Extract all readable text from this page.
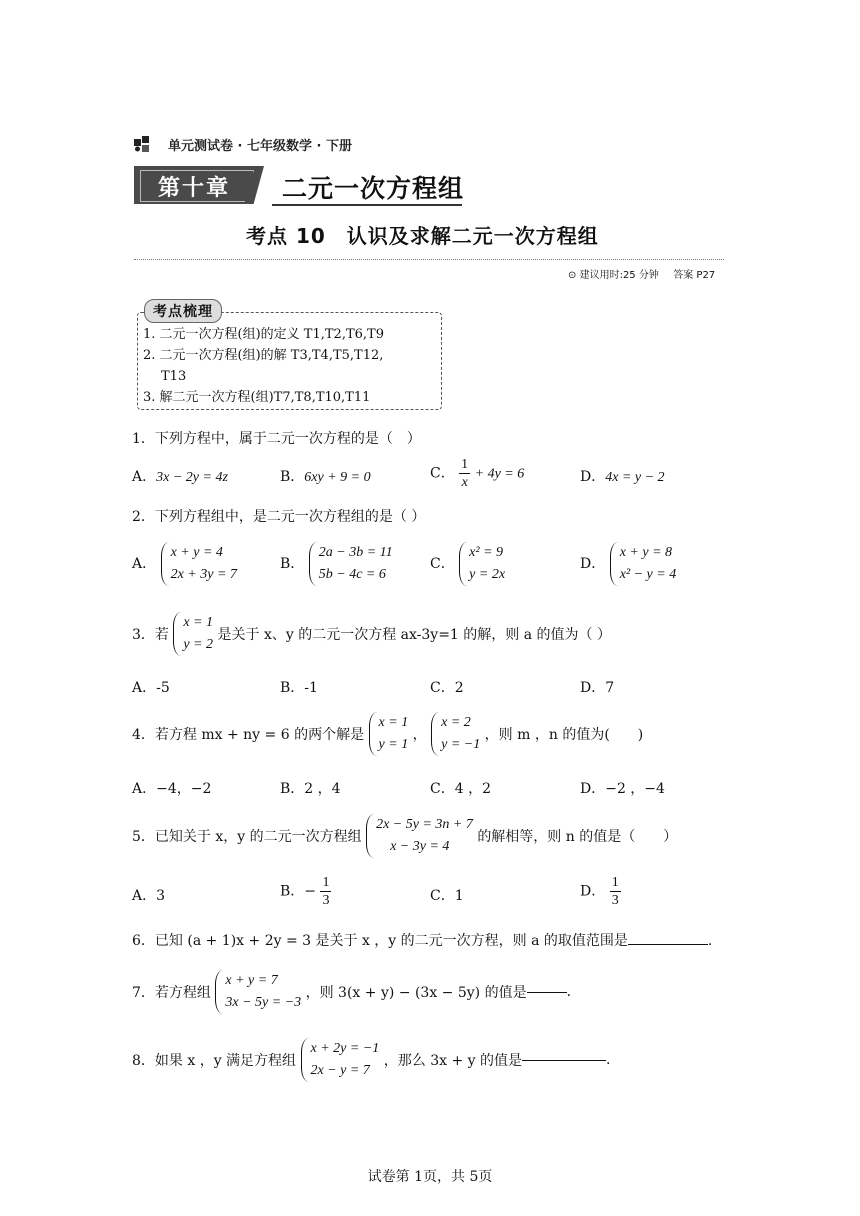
单元测试卷 · 七年级数学 · 下册
第十章 二元一次方程组
考点 10　认识及求解二元一次方程组
⊙ 建议用时:25 分钟 答案 P27
考点梳理
1. 二元一次方程(组)的定义 T1,T2,T6,T9
2. 二元一次方程(组)的解 T3,T4,T5,T12,
T13
3. 解二元一次方程(组)T7,T8,T10,T11
1．下列方程中，属于二元一次方程的是（　）
A．3x − 2y = 4z	B．6xy + 9 = 0	C． $\frac{1}{x} + 4y = 6$	D．4x = y − 2
2．下列方程组中，是二元一次方程组的是（ ）
A．
x + y = 4
2x + 3y = 7
B．
2a − 3b = 11
5b − 4c = 6
C．
x² = 9
y = 2x
D．
x + y = 8
x² − y = 4
3．若
x = 1
y = 2
是关于 x、y 的二元一次方程 ax-3y=1 的解，则 a 的值为（ ）
A．-5	B．-1	C．2	D．7
4．若方程 mx + ny = 6 的两个解是
x = 1
y = 1
，
x = 2
y = −1
，则 m ，n 的值为(　　)
A．−4，−2	B．2 ，4	C．4 ，2	D．−2 ，−4
5．已知关于 x，y 的二元一次方程组
2x − 5y = 3n + 7
x − 3y = 4
的解相等，则 n 的值是（　　）
A．3	B．− $\frac{1}{3}$	C．1	D． $\frac{1}{3}$
6．已知 (a + 1)x + 2y = 3 是关于 x ，y 的二元一次方程，则 a 的取值范围是	.
7．若方程组
x + y = 7
3x − 5y = −3
，则 3(x + y) − (3x − 5y) 的值是	.
8．如果 x ，y 满足方程组
x + 2y = −1
2x − y = 7
，那么 3x + y 的值是	.
试卷第 1页，共 5页
